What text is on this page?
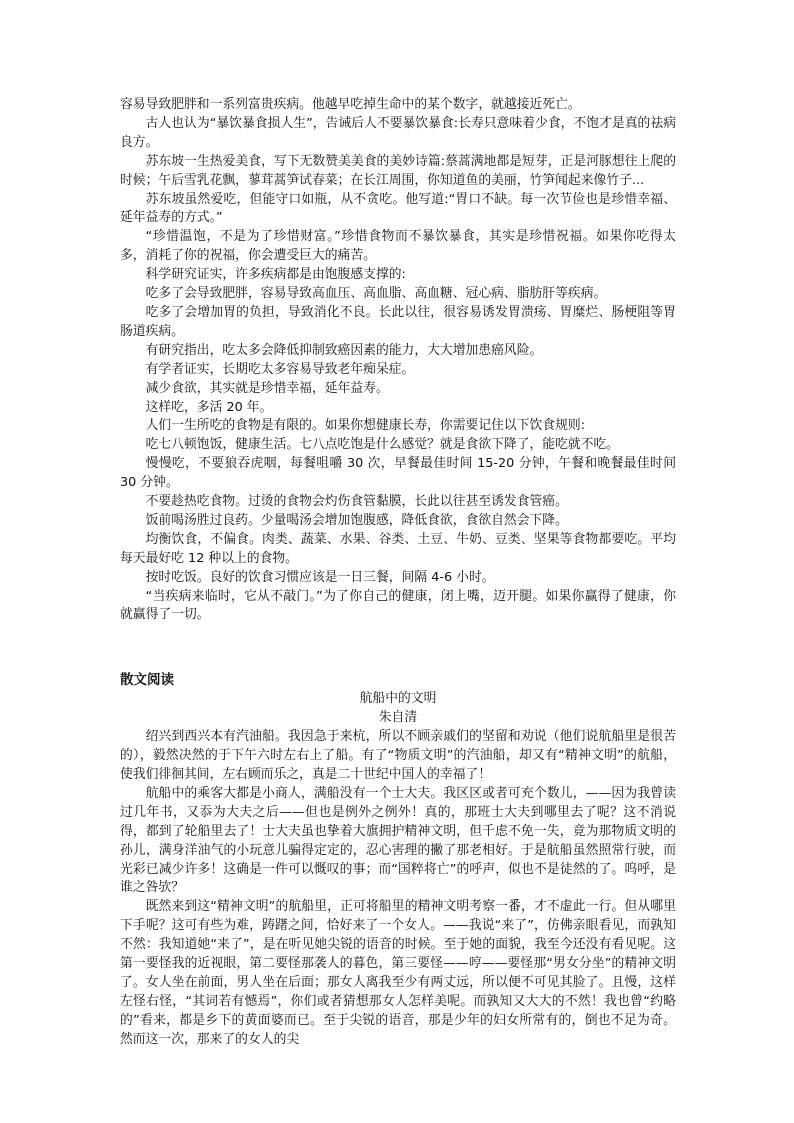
容易导致肥胖和一系列富贵疾病。他越早吃掉生命中的某个数字，就越接近死亡。

古人也认为“暴饮暴食损人生”，告诫后人不要暴饮暴食:长寿只意味着少食，不饱才是真的祛病良方。

苏东坡一生热爱美食，写下无数赞美美食的美妙诗篇:蔡蒿满地都是短芽，正是河豚想往上爬的时候；午后雪乳花飘，蓼茸蒿笋试春菜；在长江周围，你知道鱼的美丽，竹笋闻起来像竹子...

苏东坡虽然爱吃，但能守口如瓶，从不贪吃。他写道:“胃口不缺。每一次节俭也是珍惜幸福、延年益寿的方式。”

“珍惜温饱，不是为了珍惜财富。”珍惜食物而不暴饮暴食，其实是珍惜祝福。如果你吃得太多，消耗了你的祝福，你会遭受巨大的痛苦。

科学研究证实，许多疾病都是由饱腹感支撑的:

吃多了会导致肥胖，容易导致高血压、高血脂、高血糖、冠心病、脂肪肝等疾病。

吃多了会增加胃的负担，导致消化不良。长此以往，很容易诱发胃溃疡、胃糜烂、肠梗阻等胃肠道疾病。

有研究指出，吃太多会降低抑制致癌因素的能力，大大增加患癌风险。

有学者证实，长期吃太多容易导致老年痴呆症。

减少食欲，其实就是珍惜幸福，延年益寿。

这样吃，多活 20 年。

人们一生所吃的食物是有限的。如果你想健康长寿，你需要记住以下饮食规则:

吃七八顿饱饭，健康生活。七八点吃饱是什么感觉？就是食欲下降了，能吃就不吃。

慢慢吃，不要狼吞虎咽，每餐咀嚼 30 次，早餐最佳时间 15-20 分钟，午餐和晚餐最佳时间 30 分钟。

不要趁热吃食物。过烫的食物会灼伤食管黏膜，长此以往甚至诱发食管癌。

饭前喝汤胜过良药。少量喝汤会增加饱腹感，降低食欲，食欲自然会下降。

均衡饮食，不偏食。肉类、蔬菜、水果、谷类、土豆、牛奶、豆类、坚果等食物都要吃。平均每天最好吃 12 种以上的食物。

按时吃饭。良好的饮食习惯应该是一日三餐，间隔 4-6 小时。

“当疾病来临时，它从不敲门。”为了你自己的健康，闭上嘴，迈开腿。如果你赢得了健康，你就赢得了一切。

散文阅读

航船中的文明

朱自清

绍兴到西兴本有汽油船。我因急于来杭，所以不顾亲戚们的坚留和劝说（他们说航船里是很苦的），毅然决然的于下午六时左右上了船。有了“物质文明”的汽油船，却又有“精神文明”的航船，使我们徘徊其间，左右顾而乐之，真是二十世纪中国人的幸福了！

航船中的乘客大都是小商人，满船没有一个士大夫。我区区或者可充个数儿，——因为我曾读过几年书，又忝为大夫之后——但也是例外之例外！真的，那班士大夫到哪里去了呢？这不消说得，都到了轮船里去了！士大夫虽也挚着大旗拥护精神文明，但千虑不免一失，竟为那物质文明的孙儿，满身洋油气的小玩意儿骗得定定的，忍心害理的撇了那老相好。于是航船虽然照常行驶，而光彩已减少许多！这确是一件可以慨叹的事；而“国粹将亡”的呼声，似也不是徒然的了。呜呼，是谁之咎欤？

既然来到这“精神文明”的航船里，正可将船里的精神文明考察一番，才不虚此一行。但从哪里下手呢？这可有些为难，踌躇之间，恰好来了一个女人。——我说“来了”，仿佛亲眼看见，而孰知不然：我知道她“来了”，是在听见她尖锐的语音的时候。至于她的面貌，我至今还没有看见呢。这第一要怪我的近视眼，第二要怪那袭人的暮色，第三要怪——哼——要怪那“男女分坐”的精神文明了。女人坐在前面，男人坐在后面；那女人离我至少有两丈远，所以便不可见其脸了。且慢，这样左怪右怪，“其词若有憾焉”，你们或者猜想那女人怎样美呢。而孰知又大大的不然！我也曾“约略的”看来，都是乡下的黄面婆而已。至于尖锐的语音，那是少年的妇女所常有的，倒也不足为奇。然而这一次，那来了的女人的尖
